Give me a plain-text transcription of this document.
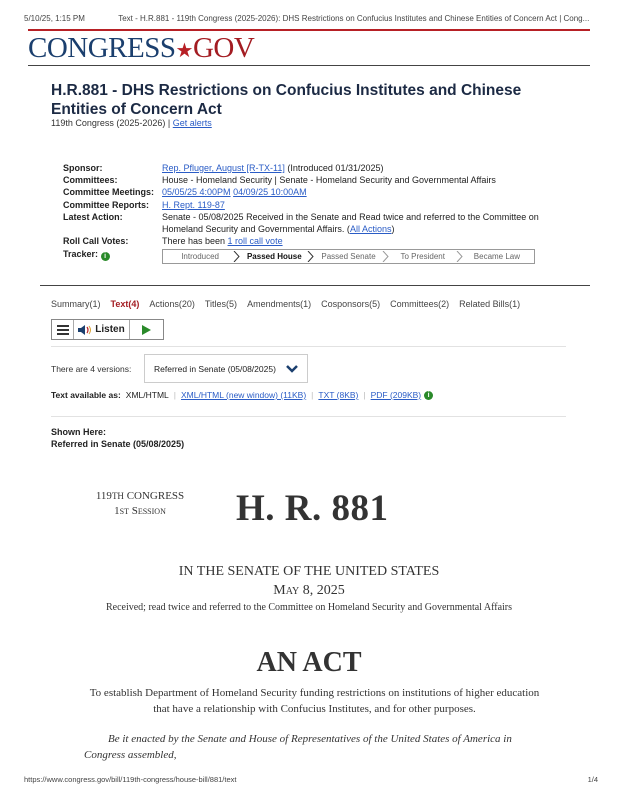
5/10/25, 1:15 PM	Text - H.R.881 - 119th Congress (2025-2026): DHS Restrictions on Confucius Institutes and Chinese Entities of Concern Act | Cong...
CONGRESS★GOV
H.R.881 - DHS Restrictions on Confucius Institutes and Chinese Entities of Concern Act
119th Congress (2025-2026) | Get alerts
Sponsor:	Rep. Pfluger, August [R-TX-11] (Introduced 01/31/2025)
Committees:	House - Homeland Security | Senate - Homeland Security and Governmental Affairs
Committee Meetings: 05/05/25 4:00PM 04/09/25 10:00AM
Committee Reports:	H. Rept. 119-87
Latest Action:	Senate - 05/08/2025 Received in the Senate and Read twice and referred to the Committee on Homeland Security and Governmental Affairs. (All Actions)
Roll Call Votes:	There has been 1 roll call vote
Tracker: i	Introduced	Passed House Passed Senate	To President	Became Law
Summary(1) Text(4) Actions(20) Titles(5) Amendments(1) Cosponsors(5) Committees(2) Related Bills(1)
Listen
There are 4 versions:	Referred in Senate (05/08/2025)
Text available as: XML/HTML | XML/HTML (new window) (11KB) | TXT (8KB) | PDF (209KB) i
Shown Here:
Referred in Senate (05/08/2025)
119TH CONGRESS
1st Session	H. R. 881
IN THE SENATE OF THE UNITED STATES
May 8, 2025
Received; read twice and referred to the Committee on Homeland Security and Governmental Affairs
AN ACT
To establish Department of Homeland Security funding restrictions on institutions of higher education that have a relationship with Confucius Institutes, and for other purposes.
Be it enacted by the Senate and House of Representatives of the United States of America in Congress assembled,
https://www.congress.gov/bill/119th-congress/house-bill/881/text	1/4
